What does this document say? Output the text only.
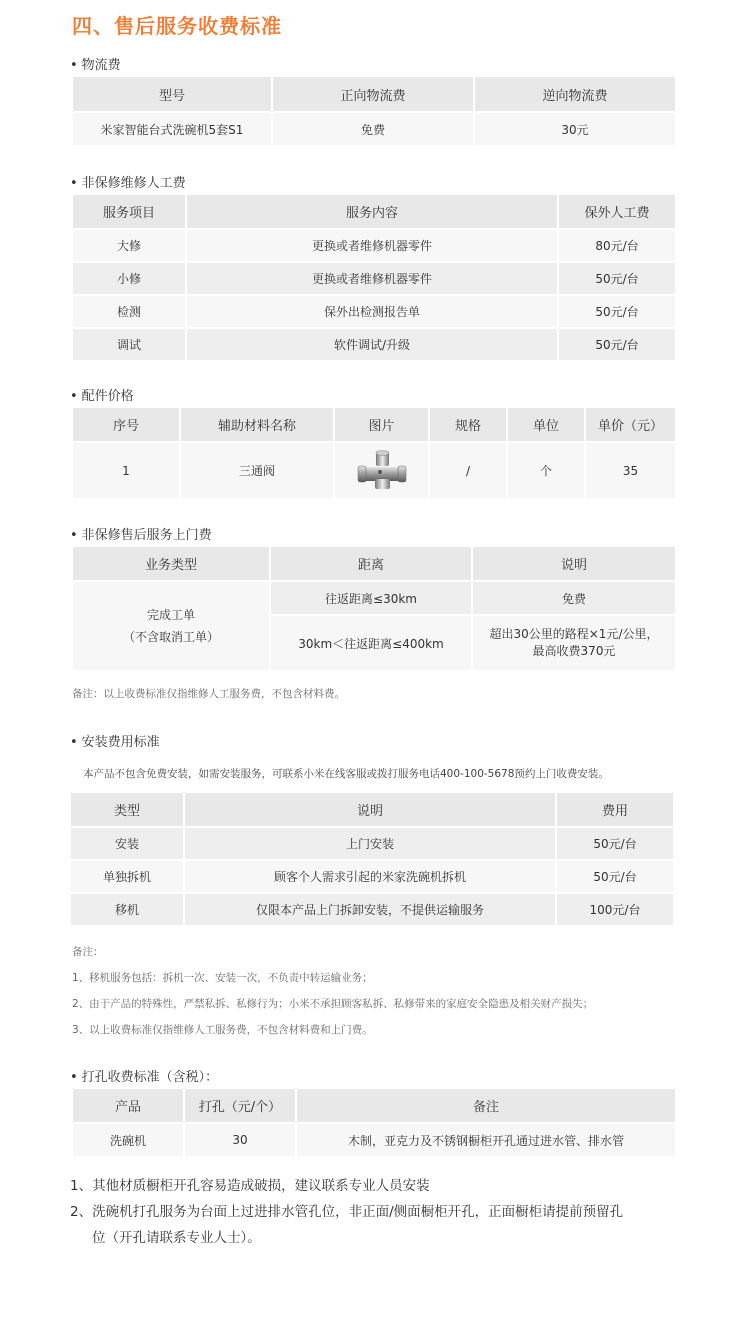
四、售后服务收费标准
• 物流费
型号	正向物流费	逆向物流费
米家智能台式洗碗机5套S1	免费	30元
• 非保修维修人工费
服务项目	服务内容	保外人工费
大修	更换或者维修机器零件	80元/台
小修	更换或者维修机器零件	50元/台
检测	保外出检测报告单	50元/台
调试	软件调试/升级	50元/台
• 配件价格
序号	辅助材料名称	图片	规格	单位	单价（元）
1	三通阀		/	个	35
• 非保修售后服务上门费
业务类型	距离	说明

完成工单
（不含取消工单）	往返距离≤30km	免费
	30km＜往返距离≤400km	超出30公里的路程×1元/公里，
最高收费370元
备注：以上收费标准仅指维修人工服务费，不包含材料费。
• 安装费用标准
本产品不包含免费安装，如需安装服务，可联系小米在线客服或拨打服务电话400-100-5678预约上门收费安装。
类型	说明	费用
安装	上门安装	50元/台
单独拆机	顾客个人需求引起的米家洗碗机拆机	50元/台
移机	仅限本产品上门拆卸安装，不提供运输服务	100元/台
备注：
1、移机服务包括：拆机一次、安装一次，不负责中转运输业务；
2、由于产品的特殊性，严禁私拆、私修行为；小米不承担顾客私拆、私修带来的家庭安全隐患及相关财产损失；
3、以上收费标准仅指维修人工服务费，不包含材料费和上门费。
• 打孔收费标准（含税）：
产品	打孔（元/个）	备注
洗碗机	30	木制，亚克力及不锈钢橱柜开孔通过进水管、排水管
1、其他材质橱柜开孔容易造成破损，建议联系专业人员安装
2、洗碗机打孔服务为台面上过进排水管孔位，非正面/侧面橱柜开孔，正面橱柜请提前预留孔
位（开孔请联系专业人士）。
